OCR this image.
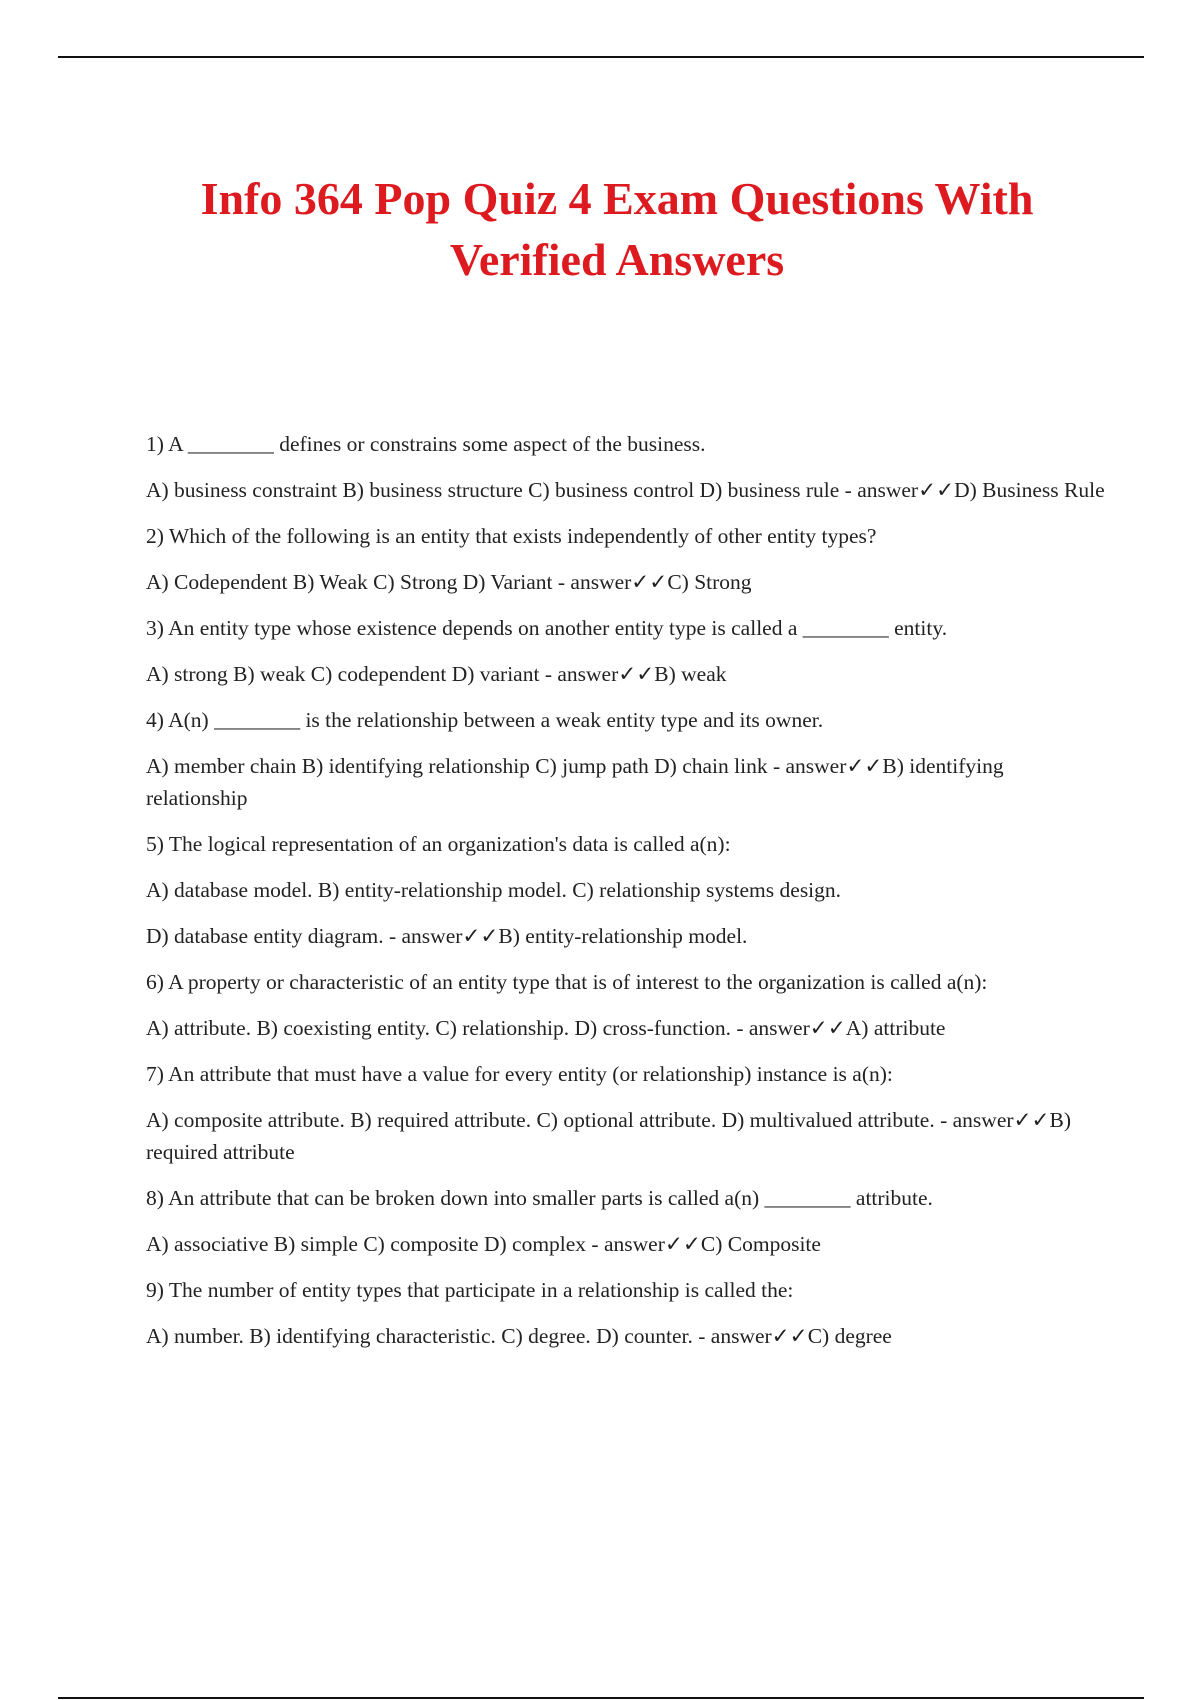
Info 364 Pop Quiz 4 Exam Questions With
Verified Answers

1) A ________ defines or constrains some aspect of the business.

A) business constraint B) business structure C) business control D) business rule - answer✓✓D) Business Rule

2) Which of the following is an entity that exists independently of other entity types?

A) Codependent B) Weak C) Strong D) Variant - answer✓✓C) Strong

3) An entity type whose existence depends on another entity type is called a ________ entity.

A) strong B) weak C) codependent D) variant - answer✓✓B) weak

4) A(n) ________ is the relationship between a weak entity type and its owner.

A) member chain B) identifying relationship C) jump path D) chain link - answer✓✓B) identifying relationship

5) The logical representation of an organization's data is called a(n):

A) database model. B) entity-relationship model. C) relationship systems design.

D) database entity diagram. - answer✓✓B) entity-relationship model.

6) A property or characteristic of an entity type that is of interest to the organization is called a(n):

A) attribute. B) coexisting entity. C) relationship. D) cross-function. - answer✓✓A) attribute

7) An attribute that must have a value for every entity (or relationship) instance is a(n):

A) composite attribute. B) required attribute. C) optional attribute. D) multivalued attribute. - answer✓✓B) required attribute

8) An attribute that can be broken down into smaller parts is called a(n) ________ attribute.

A) associative B) simple C) composite D) complex - answer✓✓C) Composite

9) The number of entity types that participate in a relationship is called the:

A) number. B) identifying characteristic. C) degree. D) counter. - answer✓✓C) degree
